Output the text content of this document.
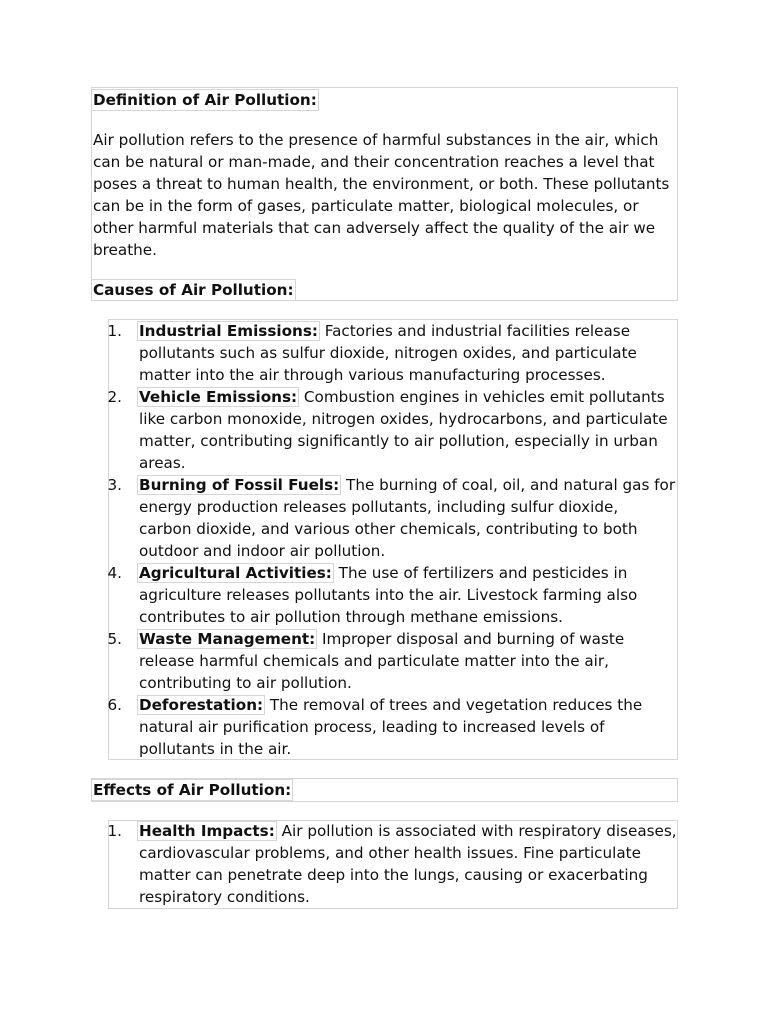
Definition of Air Pollution:
Air pollution refers to the presence of harmful substances in the air, which
can be natural or man-made, and their concentration reaches a level that
poses a threat to human health, the environment, or both. These pollutants
can be in the form of gases, particulate matter, biological molecules, or
other harmful materials that can adversely affect the quality of the air we
breathe.
Causes of Air Pollution:
1.	Industrial Emissions: Factories and industrial facilities release
pollutants such as sulfur dioxide, nitrogen oxides, and particulate
matter into the air through various manufacturing processes.
2.	Vehicle Emissions: Combustion engines in vehicles emit pollutants
like carbon monoxide, nitrogen oxides, hydrocarbons, and particulate
matter, contributing significantly to air pollution, especially in urban
areas.
3.	Burning of Fossil Fuels: The burning of coal, oil, and natural gas for
energy production releases pollutants, including sulfur dioxide,
carbon dioxide, and various other chemicals, contributing to both
outdoor and indoor air pollution.
4.	Agricultural Activities: The use of fertilizers and pesticides in
agriculture releases pollutants into the air. Livestock farming also
contributes to air pollution through methane emissions.
5.	Waste Management: Improper disposal and burning of waste
release harmful chemicals and particulate matter into the air,
contributing to air pollution.
6.	Deforestation: The removal of trees and vegetation reduces the
natural air purification process, leading to increased levels of
pollutants in the air.
Effects of Air Pollution:
1.	Health Impacts: Air pollution is associated with respiratory diseases,
cardiovascular problems, and other health issues. Fine particulate
matter can penetrate deep into the lungs, causing or exacerbating
respiratory conditions.
